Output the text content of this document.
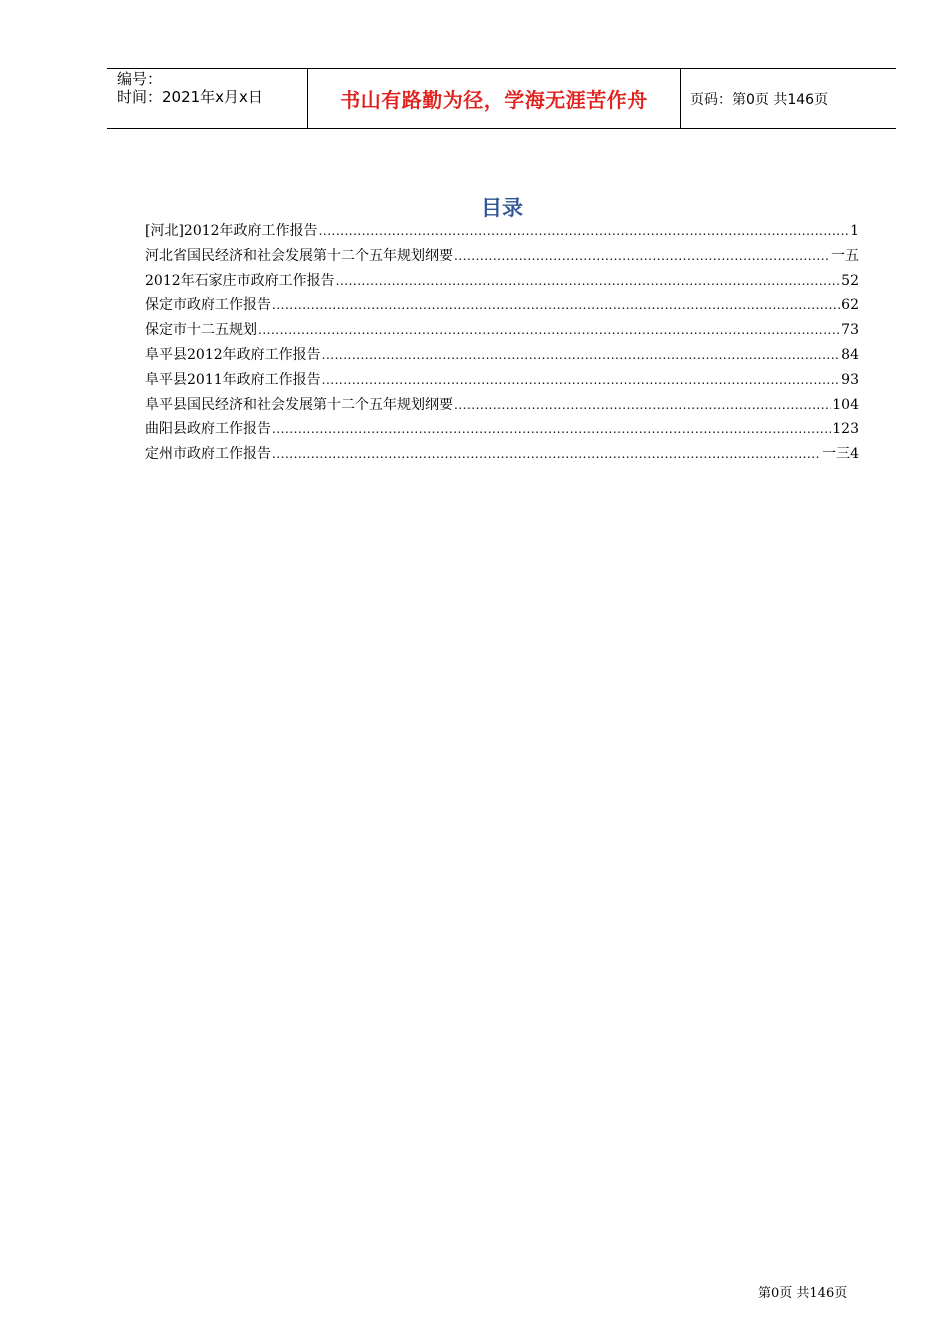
编号：
时间：2021年x月x日	书山有路勤为径，学海无涯苦作舟	页码：第0页 共146页
目录
[河北]2012年政府工作报告 .....	1
河北省国民经济和社会发展第十二个五年规划纲要 .....	一五
2012年石家庄市政府工作报告 .....	52
保定市政府工作报告 .....	62
保定市十二五规划 .....	73
阜平县2012年政府工作报告 .....	84
阜平县2011年政府工作报告 .....	93
阜平县国民经济和社会发展第十二个五年规划纲要 .....	104
曲阳县政府工作报告 .....	123
定州市政府工作报告 .....	一三4
第0页 共146页
